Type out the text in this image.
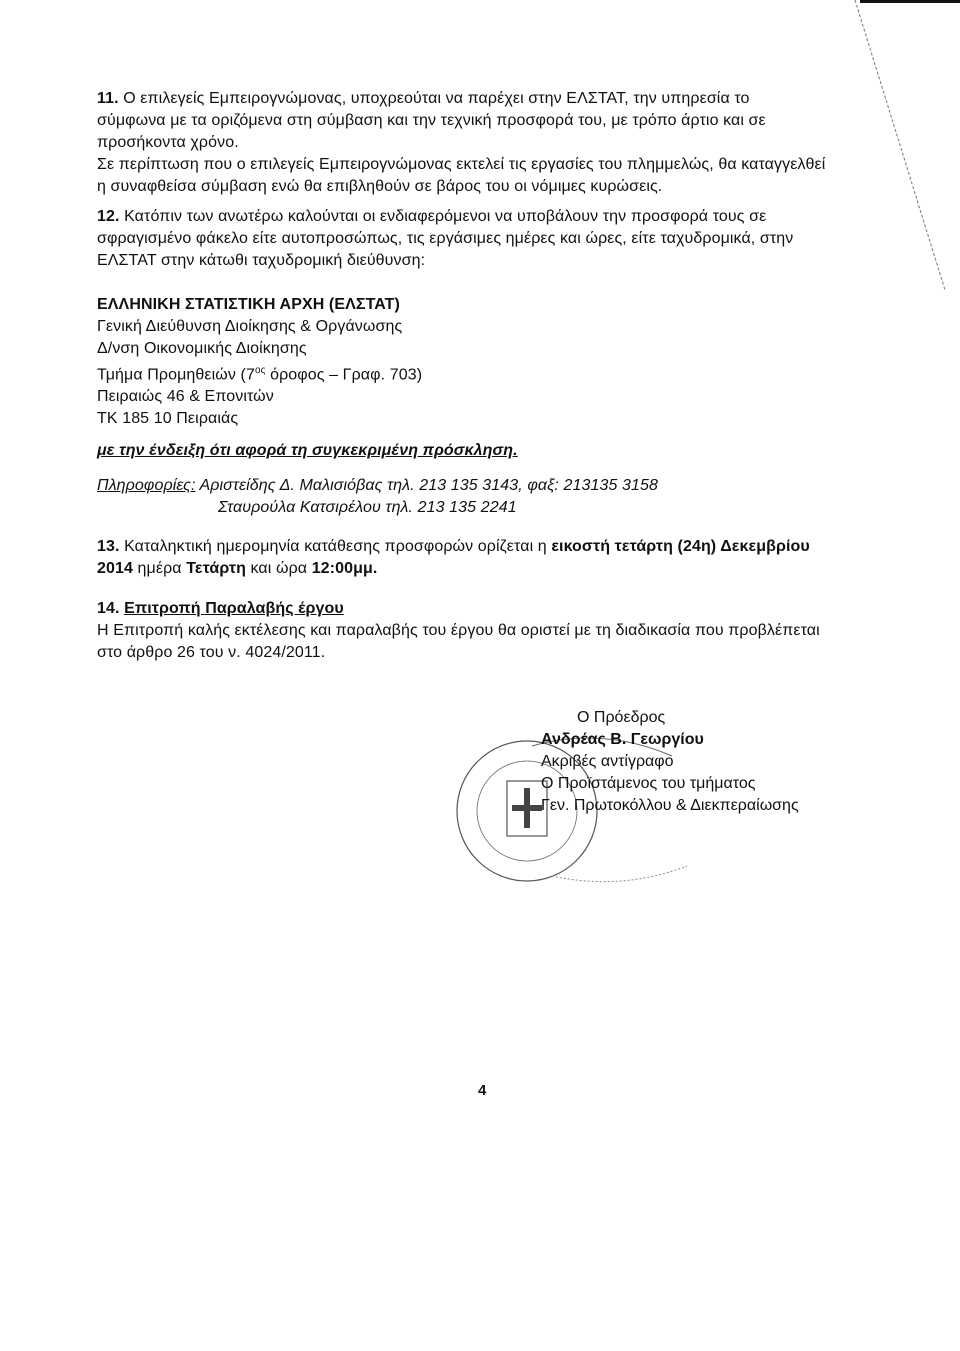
11. Ο επιλεγείς Εμπειρογνώμονας, υποχρεούται να παρέχει στην ΕΛΣΤΑΤ, την υπηρεσία το
σύμφωνα με τα οριζόμενα στη σύμβαση και την τεχνική προσφορά του, με τρόπο άρτιο και σε
προσήκοντα χρόνο.
Σε περίπτωση που ο επιλεγείς Εμπειρογνώμονας εκτελεί τις εργασίες του πλημμελώς, θα καταγγελθεί
η συναφθείσα σύμβαση ενώ θα επιβληθούν σε βάρος του οι νόμιμες κυρώσεις.
12. Κατόπιν των ανωτέρω καλούνται οι ενδιαφερόμενοι να υποβάλουν την προσφορά τους σε
σφραγισμένο φάκελο είτε αυτοπροσώπως, τις εργάσιμες ημέρες και ώρες, είτε ταχυδρομικά, στην
ΕΛΣΤΑΤ στην κάτωθι ταχυδρομική διεύθυνση:
ΕΛΛΗΝΙΚΗ ΣΤΑΤΙΣΤΙΚΗ ΑΡΧΗ (ΕΛΣΤΑΤ)
Γενική Διεύθυνση Διοίκησης & Οργάνωσης
Δ/νση Οικονομικής Διοίκησης
Τμήμα Προμηθειών ($7^{o\varsigma}$ όροφος – Γραφ. 703)
Πειραιώς 46 & Επονιτών
ΤΚ 185 10 Πειραιάς
με την ένδειξη ότι αφορά τη συγκεκριμένη πρόσκληση.
Πληροφορίες: Αριστείδης Δ. Μαλισιόβας τηλ. 213 135 3143, φαξ: 213135 3158
Σταυρούλα Κατσιρέλου τηλ. 213 135 2241
13. Καταληκτική ημερομηνία κατάθεσης προσφορών ορίζεται η εικοστή τετάρτη (24η) Δεκεμβρίου
2014 ημέρα Τετάρτη και ώρα 12:00μμ.
14. Επιτροπή Παραλαβής έργου
Η Επιτροπή καλής εκτέλεσης και παραλαβής του έργου θα οριστεί με τη διαδικασία που προβλέπεται
στο άρθρο 26 του ν. 4024/2011.
Ο Πρόεδρος
Ανδρέας Β. Γεωργίου
Ακριβές αντίγραφο
Ο Προϊστάμενος του τμήματος
Γεν. Πρωτοκόλλου & Διεκπεραίωσης
4
